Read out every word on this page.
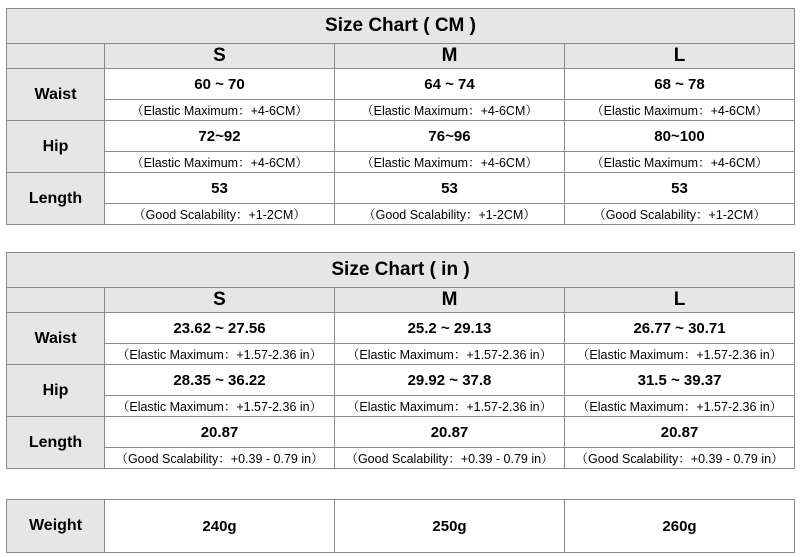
Size Chart ( CM )			
	S	M	L
Waist	60 ~ 70	64 ~ 74	68 ~ 78
	（Elastic Maximum：+4-6CM）	（Elastic Maximum：+4-6CM）	（Elastic Maximum：+4-6CM）
Hip	72~92	76~96	80~100
	（Elastic Maximum：+4-6CM）	（Elastic Maximum：+4-6CM）	（Elastic Maximum：+4-6CM）
Length	53	53	53
	（Good Scalability：+1-2CM）	（Good Scalability：+1-2CM）	（Good Scalability：+1-2CM）
Size Chart ( in )			
	S	M	L
Waist	23.62 ~ 27.56	25.2 ~ 29.13	26.77 ~ 30.71
	（Elastic Maximum：+1.57-2.36 in）	（Elastic Maximum：+1.57-2.36 in）	（Elastic Maximum：+1.57-2.36 in）
Hip	28.35 ~ 36.22	29.92 ~ 37.8	31.5 ~ 39.37
	（Elastic Maximum：+1.57-2.36 in）	（Elastic Maximum：+1.57-2.36 in）	（Elastic Maximum：+1.57-2.36 in）
Length	20.87	20.87	20.87
	（Good Scalability：+0.39 - 0.79 in）	（Good Scalability：+0.39 - 0.79 in）	（Good Scalability：+0.39 - 0.79 in）
Weight	240g	250g	260g
